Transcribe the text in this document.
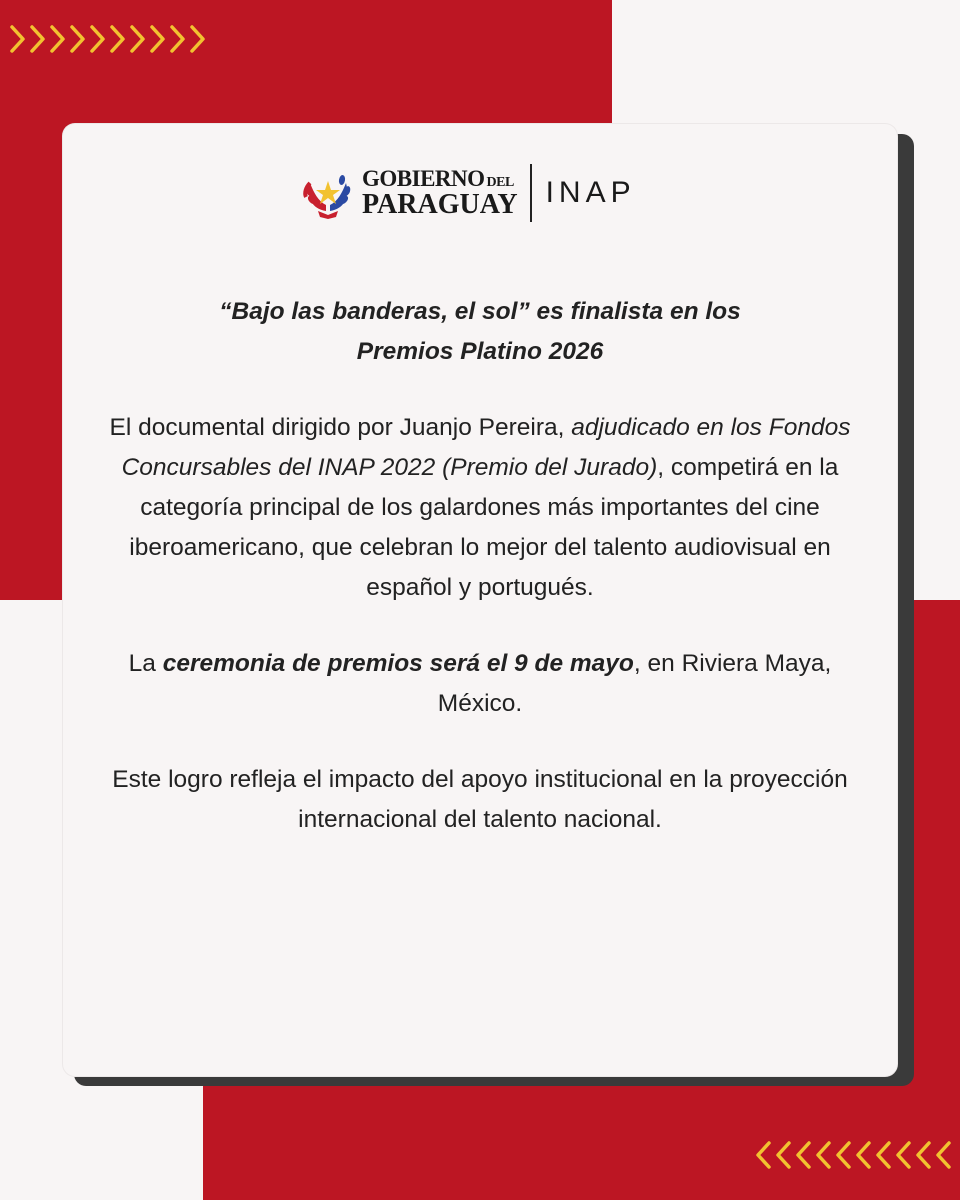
GOBIERNO DEL
PARAGUAY INAP

“Bajo las banderas, el sol” es finalista en los
Premios Platino 2026

El documental dirigido por Juanjo Pereira, adjudicado en los Fondos Concursables del INAP 2022 (Premio del Jurado), competirá en la categoría principal de los galardones más importantes del cine iberoamericano, que celebran lo mejor del talento audiovisual en español y portugués.

La ceremonia de premios será el 9 de mayo, en Riviera Maya, México.

Este logro refleja el impacto del apoyo institucional en la proyección internacional del talento nacional.
